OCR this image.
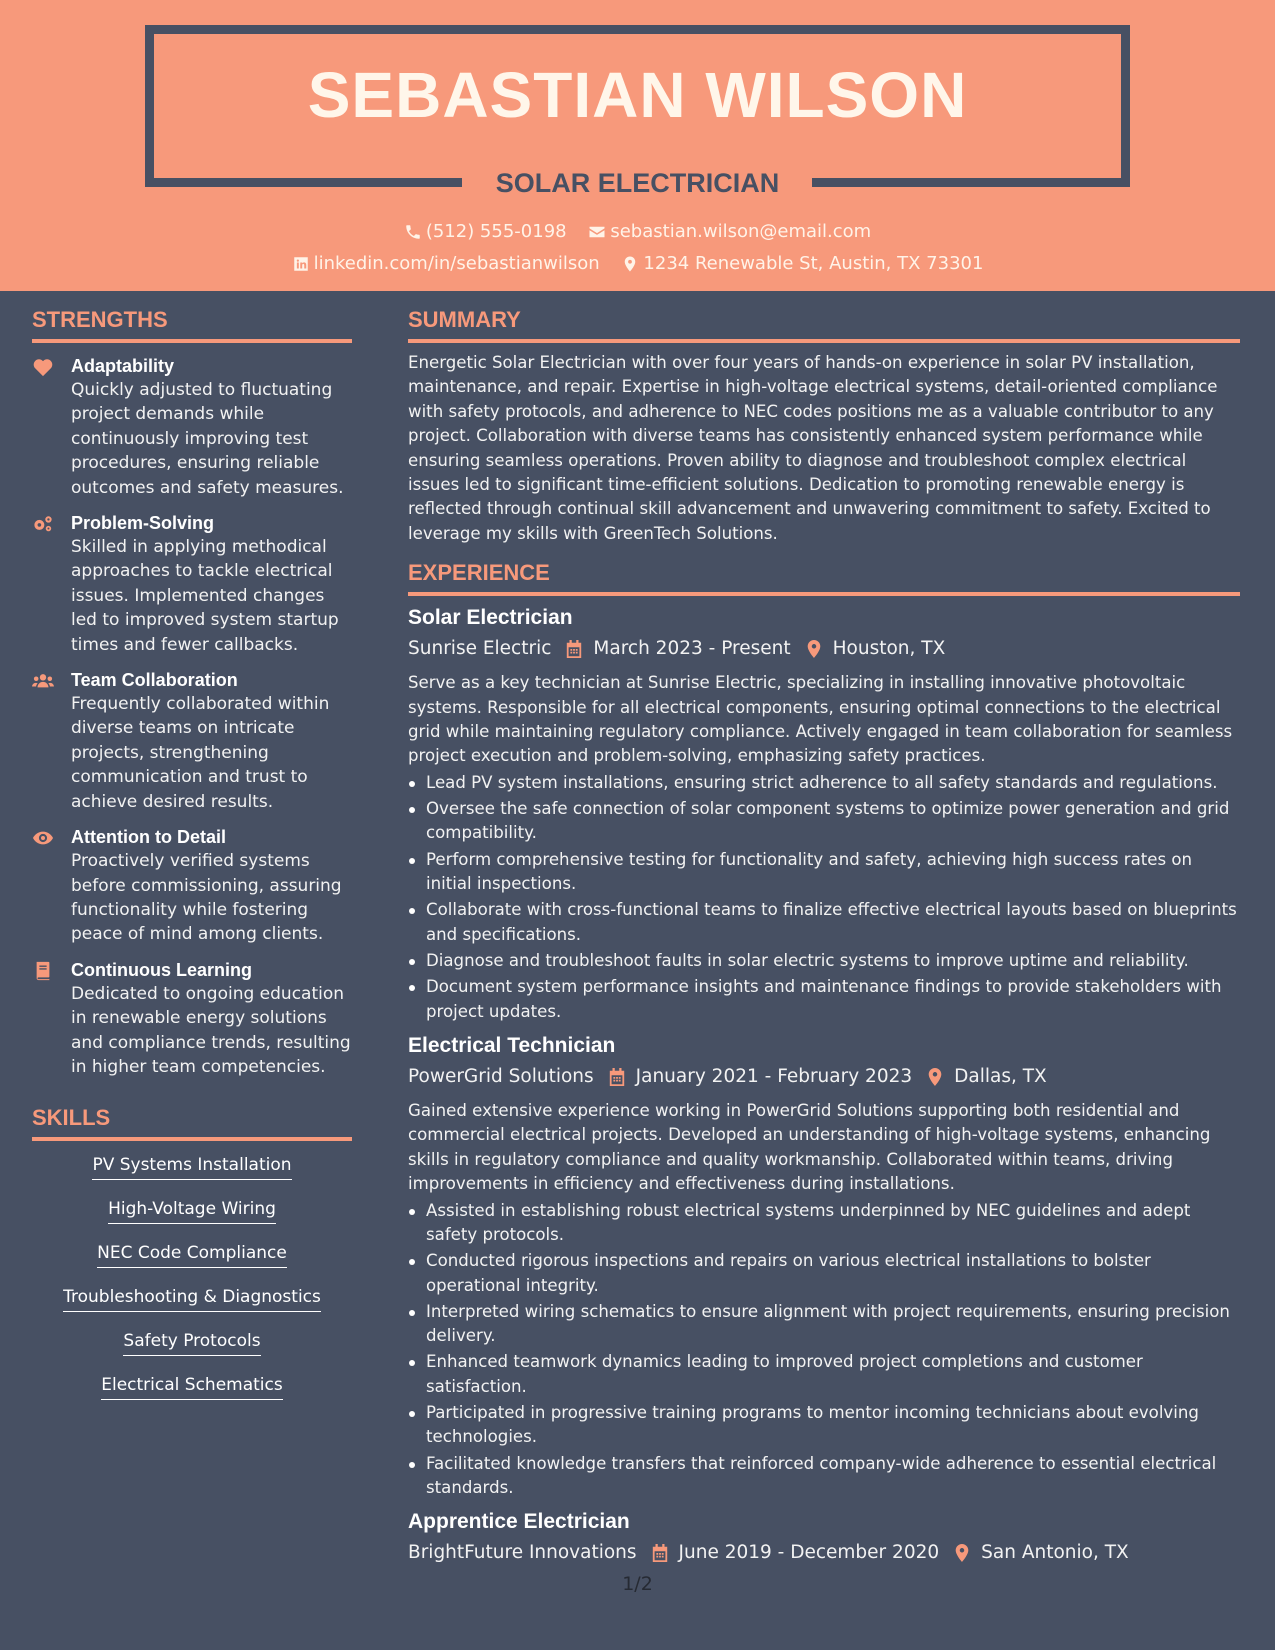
SEBASTIAN WILSON
SOLAR ELECTRICIAN
(512) 555-0198
sebastian.wilson@email.com
linkedin.com/in/sebastianwilson
1234 Renewable St, Austin, TX 73301
STRENGTHS
Adaptability
Quickly adjusted to fluctuating project demands while continuously improving test procedures, ensuring reliable outcomes and safety measures.
Problem-Solving
Skilled in applying methodical approaches to tackle electrical issues. Implemented changes led to improved system startup times and fewer callbacks.
Team Collaboration
Frequently collaborated within diverse teams on intricate projects, strengthening communication and trust to achieve desired results.
Attention to Detail
Proactively verified systems before commissioning, assuring functionality while fostering peace of mind among clients.
Continuous Learning
Dedicated to ongoing education in renewable energy solutions and compliance trends, resulting in higher team competencies.
SKILLS
PV Systems Installation
High-Voltage Wiring
NEC Code Compliance
Troubleshooting & Diagnostics
Safety Protocols
Electrical Schematics
SUMMARY
Energetic Solar Electrician with over four years of hands-on experience in solar PV installation, maintenance, and repair. Expertise in high-voltage electrical systems, detail-oriented compliance with safety protocols, and adherence to NEC codes positions me as a valuable contributor to any project. Collaboration with diverse teams has consistently enhanced system performance while ensuring seamless operations. Proven ability to diagnose and troubleshoot complex electrical issues led to significant time-efficient solutions. Dedication to promoting renewable energy is reflected through continual skill advancement and unwavering commitment to safety. Excited to leverage my skills with GreenTech Solutions.
EXPERIENCE
Solar Electrician
Sunrise Electric March 2023 - Present Houston, TX
Serve as a key technician at Sunrise Electric, specializing in installing innovative photovoltaic systems. Responsible for all electrical components, ensuring optimal connections to the electrical grid while maintaining regulatory compliance. Actively engaged in team collaboration for seamless project execution and problem-solving, emphasizing safety practices.
Lead PV system installations, ensuring strict adherence to all safety standards and regulations.
Oversee the safe connection of solar component systems to optimize power generation and grid compatibility.
Perform comprehensive testing for functionality and safety, achieving high success rates on initial inspections.
Collaborate with cross-functional teams to finalize effective electrical layouts based on blueprints and specifications.
Diagnose and troubleshoot faults in solar electric systems to improve uptime and reliability.
Document system performance insights and maintenance findings to provide stakeholders with project updates.
Electrical Technician
PowerGrid Solutions January 2021 - February 2023 Dallas, TX
Gained extensive experience working in PowerGrid Solutions supporting both residential and commercial electrical projects. Developed an understanding of high-voltage systems, enhancing skills in regulatory compliance and quality workmanship. Collaborated within teams, driving improvements in efficiency and effectiveness during installations.
Assisted in establishing robust electrical systems underpinned by NEC guidelines and adept safety protocols.
Conducted rigorous inspections and repairs on various electrical installations to bolster operational integrity.
Interpreted wiring schematics to ensure alignment with project requirements, ensuring precision delivery.
Enhanced teamwork dynamics leading to improved project completions and customer satisfaction.
Participated in progressive training programs to mentor incoming technicians about evolving technologies.
Facilitated knowledge transfers that reinforced company-wide adherence to essential electrical standards.
Apprentice Electrician
BrightFuture Innovations June 2019 - December 2020 San Antonio, TX
1/2
